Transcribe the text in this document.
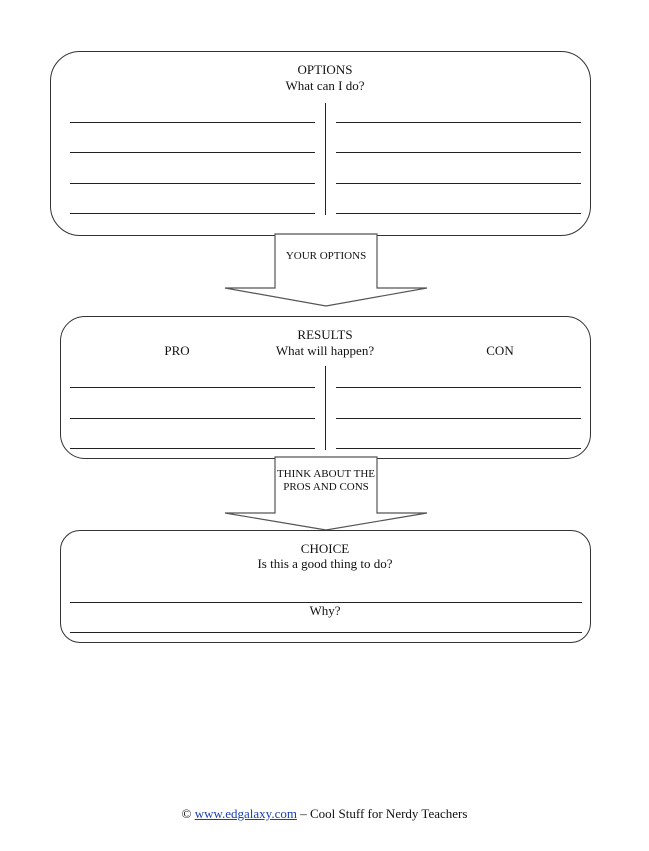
OPTIONS
What can I do?
YOUR OPTIONS
RESULTS
What will happen?
PRO	CON
THINK ABOUT THE
PROS AND CONS
CHOICE
Is this a good thing to do?
Why?
© www.edgalaxy.com – Cool Stuff for Nerdy Teachers
